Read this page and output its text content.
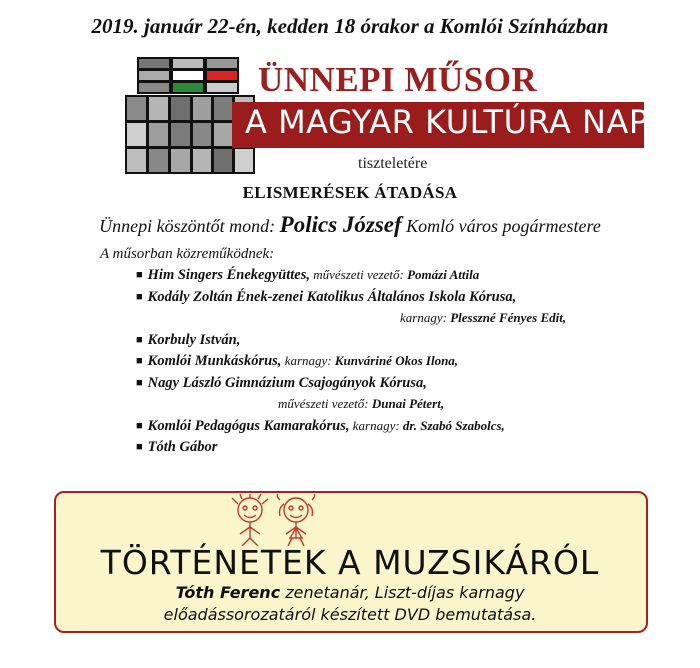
2019. január 22-én, kedden 18 órakor a Komlói Színházban
ÜNNEPI MŰSOR
A MAGYAR KULTÚRA NAPJA
tiszteletére
ELISMERÉSEK ÁTADÁSA
Ünnepi köszöntőt mond: Polics József Komló város pogármestere
A műsorban közreműködnek:
■ Him Singers Énekegyüttes, művészeti vezető: Pomázi Attila
■ Kodály Zoltán Ének-zenei Katolikus Általános Iskola Kórusa,
karnagy: Plesszné Fényes Edit,
■ Korbuly István,
■ Komlói Munkáskórus, karnagy: Kunváriné Okos Ilona,
■ Nagy László Gimnázium Csajogányok Kórusa,
művészeti vezető: Dunai Pétert,
■ Komlói Pedagógus Kamarakórus, karnagy: dr. Szabó Szabolcs,
■ Tóth Gábor
TÖRTÉNETEK A MUZSIKÁRÓL
Tóth Ferenc zenetanár, Liszt-díjas karnagy
előadássorozatáról készített DVD bemutatása.
